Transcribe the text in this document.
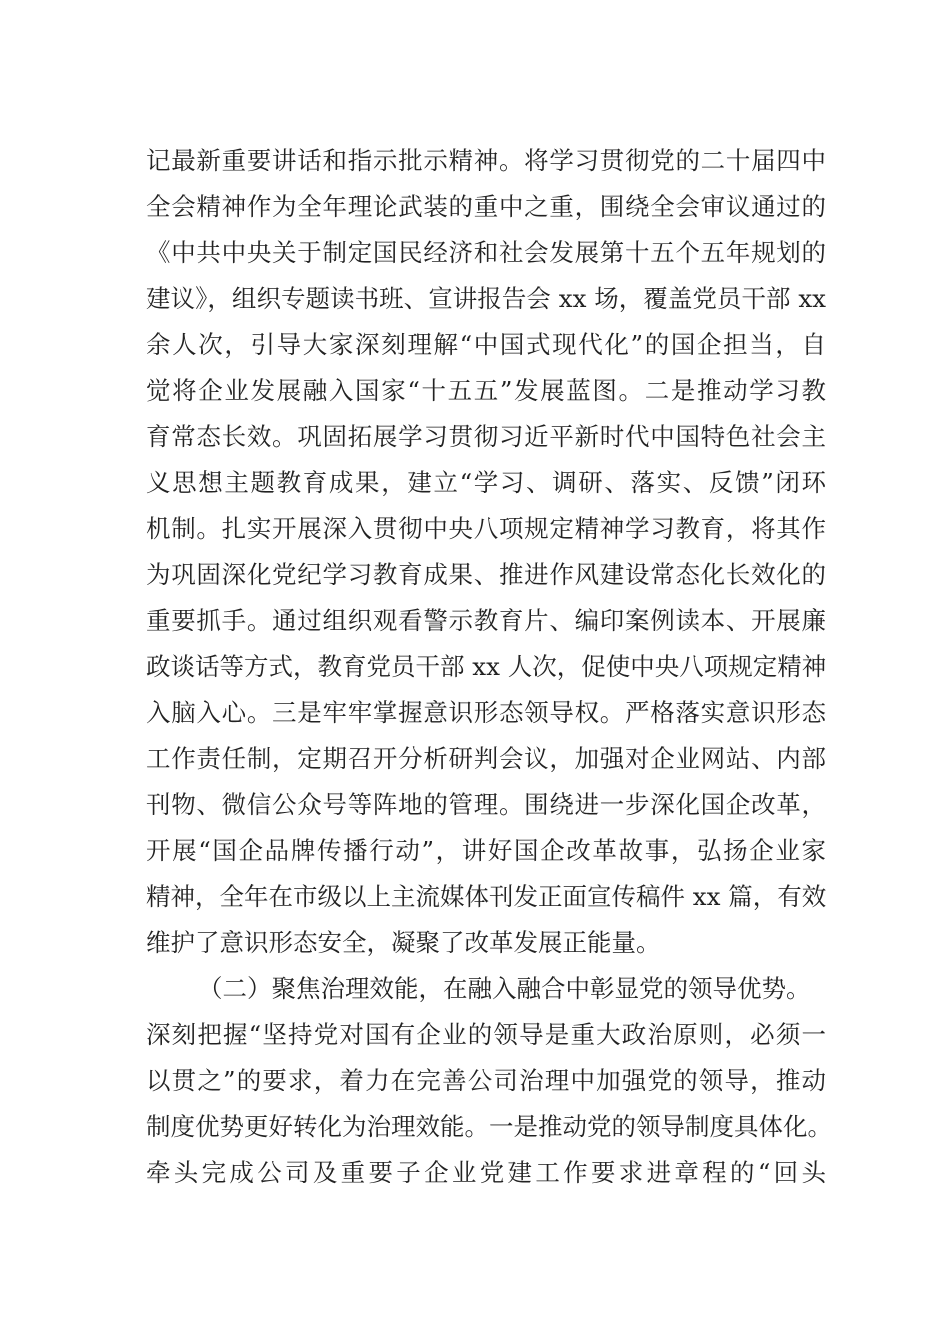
记最新重要讲话和指示批示精神。将学习贯彻党的二十届四中
全会精神作为全年理论武装的重中之重，围绕全会审议通过的
《中共中央关于制定国民经济和社会发展第十五个五年规划的
建议》，组织专题读书班、宣讲报告会 xx 场，覆盖党员干部 xx
余人次，引导大家深刻理解“中国式现代化”的国企担当，自
觉将企业发展融入国家“十五五”发展蓝图。二是推动学习教
育常态长效。巩固拓展学习贯彻习近平新时代中国特色社会主
义思想主题教育成果，建立“学习、调研、落实、反馈”闭环
机制。扎实开展深入贯彻中央八项规定精神学习教育，将其作
为巩固深化党纪学习教育成果、推进作风建设常态化长效化的
重要抓手。通过组织观看警示教育片、编印案例读本、开展廉
政谈话等方式，教育党员干部 xx 人次，促使中央八项规定精神
入脑入心。三是牢牢掌握意识形态领导权。严格落实意识形态
工作责任制，定期召开分析研判会议，加强对企业网站、内部
刊物、微信公众号等阵地的管理。围绕进一步深化国企改革，
开展“国企品牌传播行动”，讲好国企改革故事，弘扬企业家
精神，全年在市级以上主流媒体刊发正面宣传稿件 xx 篇，有效
维护了意识形态安全，凝聚了改革发展正能量。
（二）聚焦治理效能，在融入融合中彰显党的领导优势。
深刻把握“坚持党对国有企业的领导是重大政治原则，必须一
以贯之”的要求，着力在完善公司治理中加强党的领导，推动
制度优势更好转化为治理效能。一是推动党的领导制度具体化。
牵头完成公司及重要子企业党建工作要求进章程的“回头
